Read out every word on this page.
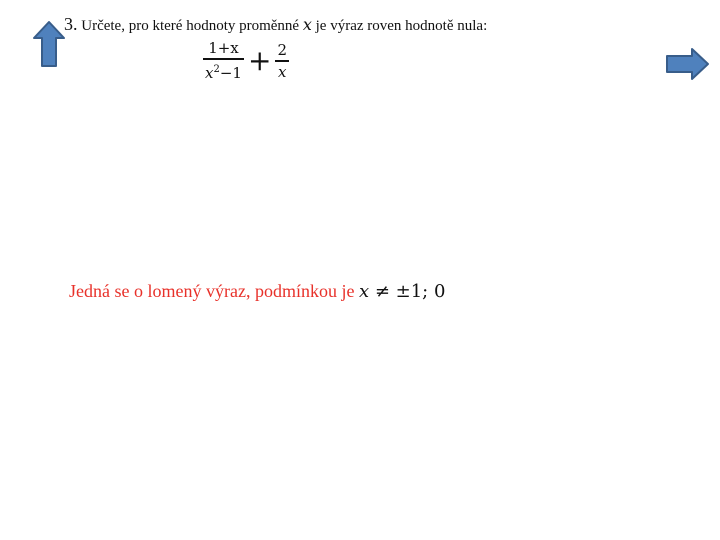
3. Určete, pro které hodnoty proměnné x je výraz roven hodnotě nula:
$\frac{1+x}{x^2-1} + \frac{2}{x}$
Jedná se o lomený výraz, podmínkou je x ≠ ±1; 0
